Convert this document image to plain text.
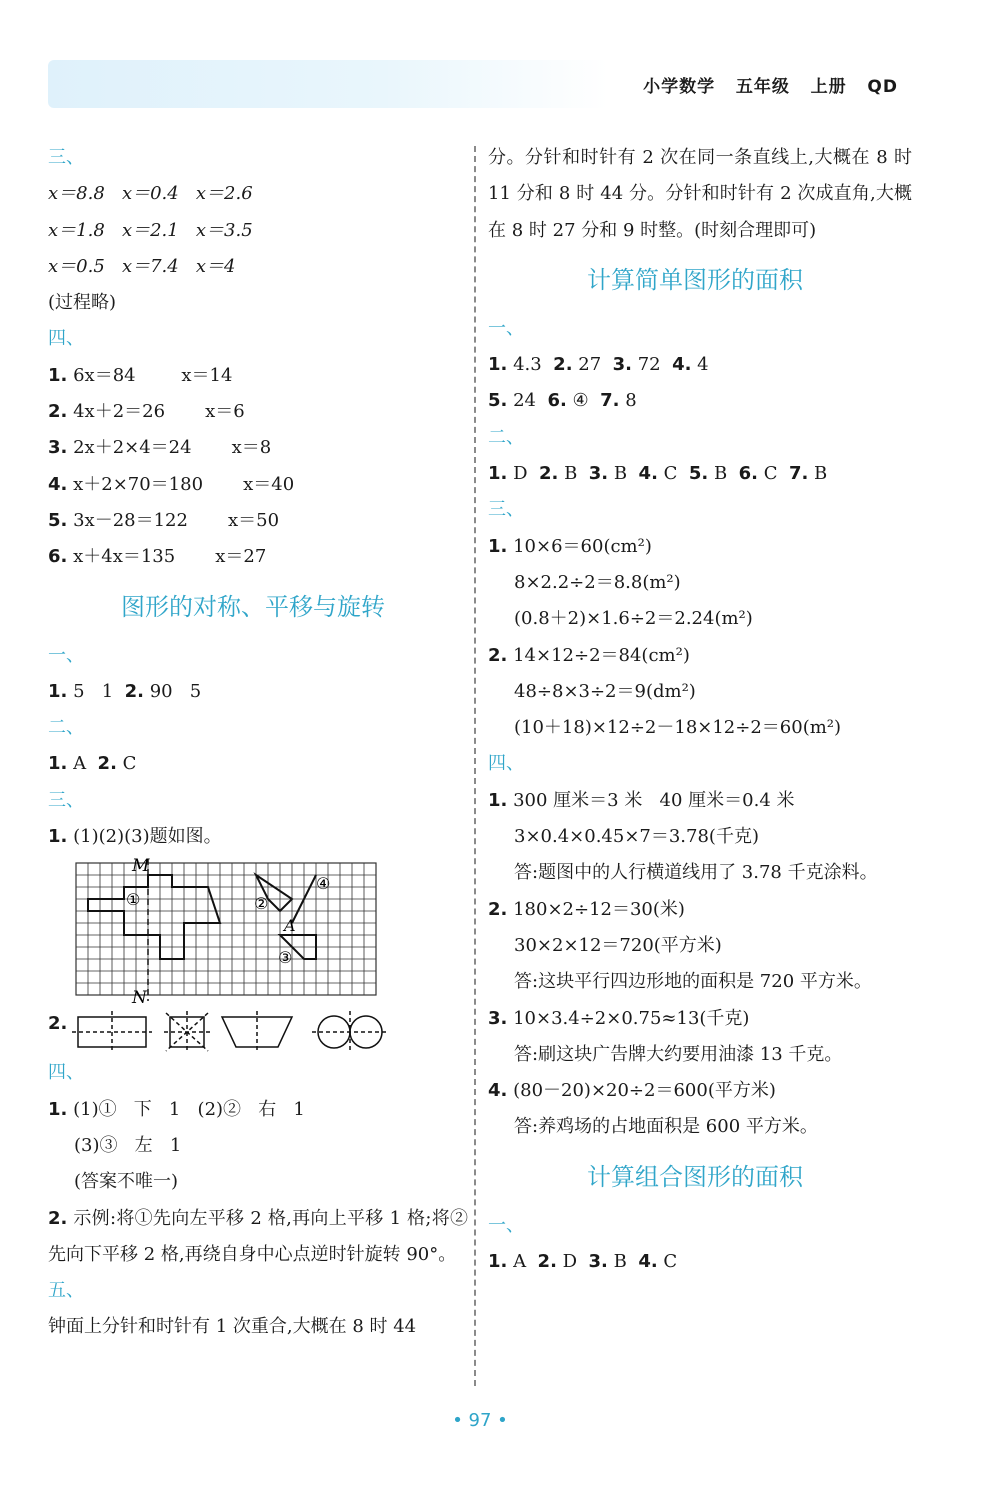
小学数学   五年级   上册   QD
三、
x＝8.8   x＝0.4   x＝2.6
x＝1.8   x＝2.1   x＝3.5
x＝0.5   x＝7.4   x＝4
(过程略)
四、
1. 6x＝84        x＝14
2. 4x＋2＝26       x＝6
3. 2x＋2×4＝24       x＝8
4. x＋2×70＝180       x＝40
5. 3x－28＝122       x＝50
6. x＋4x＝135       x＝27
图形的对称、平移与旋转
一、
1. 5   1  2. 90   5
二、
1. A  2. C
三、
1. (1)(2)(3)题如图。
M
N
A
①	②
③
④
2.
四、
1. (1)①   下   1   (2)②   右   1
(3)③   左   1
(答案不唯一)
2. 示例:将①先向左平移 2 格,再向上平移 1 格;将②先向下平移 2 格,再绕自身中心点逆时针旋转 90°。
五、
钟面上分针和时针有 1 次重合,大概在 8 时 44
分。分针和时针有 2 次在同一条直线上,大概在 8 时 11 分和 8 时 44 分。分针和时针有 2 次成直角,大概在 8 时 27 分和 9 时整。(时刻合理即可)
计算简单图形的面积
一、
1. 4.3  2. 27  3. 72  4. 4
5. 24  6. ④  7. 8
二、
1. D  2. B  3. B  4. C  5. B  6. C  7. B
三、
1. 10×6＝60(cm²)
8×2.2÷2＝8.8(m²)
(0.8＋2)×1.6÷2＝2.24(m²)
2. 14×12÷2＝84(cm²)
48÷8×3÷2＝9(dm²)
(10＋18)×12÷2－18×12÷2＝60(m²)
四、
1. 300 厘米＝3 米   40 厘米＝0.4 米
3×0.4×0.45×7＝3.78(千克)
答:题图中的人行横道线用了 3.78 千克涂料。
2. 180×2÷12＝30(米)
30×2×12＝720(平方米)
答:这块平行四边形地的面积是 720 平方米。
3. 10×3.4÷2×0.75≈13(千克)
答:刷这块广告牌大约要用油漆 13 千克。
4. (80－20)×20÷2＝600(平方米)
答:养鸡场的占地面积是 600 平方米。
计算组合图形的面积
一、
1. A  2. D  3. B  4. C
• 97 •
